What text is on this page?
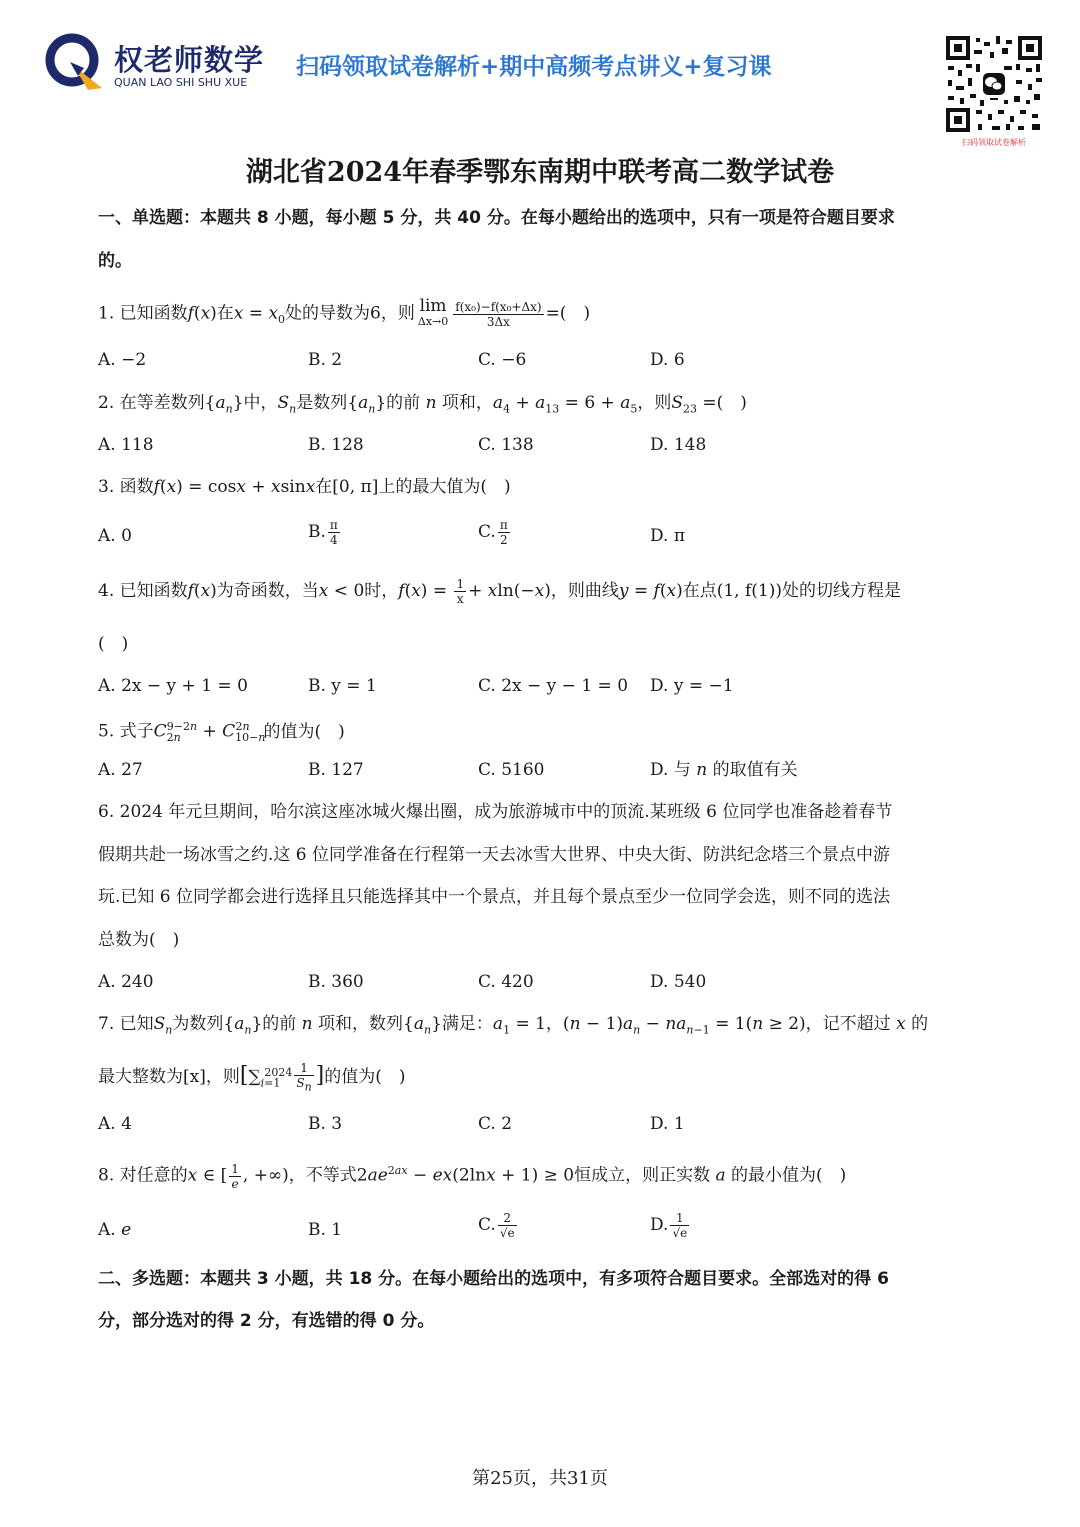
权老师数学
QUAN LAO SHI SHU XUE
扫码领取试卷解析+期中高频考点讲义+复习课
扫码领取试卷解析
湖北省2024年春季鄂东南期中联考高二数学试卷
一、单选题：本题共 8 小题，每小题 5 分，共 40 分。在每小题给出的选项中，只有一项是符合题目要求
的。
1. 已知函数f(x)在$x = x_0$处的导数为6，则 lim
$\Delta x\to 0 \frac{\text{f(x₀)−f(x₀+Δx)}}{3\Delta x}$ =(　)
A. −2	B. 2	C. −6	D. 6
2. 在等差数列$\{a_n\}$中，$S_n$是数列$\{a_n\}$的前 n 项和，$a_4 + a_{13} = 6 + a_5$，则$S_{23}$ =(　)
A. 118	B. 128	C. 138	D. 148
3. 函数f(x) = cosx + xsinx在[0, π]上的最大值为(　)
A. 0	B. $\frac{\pi}{4}$	C. $\frac{\pi}{2}$	D. π
4. 已知函数f(x)为奇函数，当x < 0时，$f(x) = \frac{1}{x} + xln(-x)$，则曲线y = f(x)在点(1, f(1))处的切线方程是
(　)
A. 2x − y + 1 = 0	B. y = 1	C. 2x − y − 1 = 0 D. y = −1
5. 式子$C_{2n}^{9-2n} + C_{10-n}^{2n}$ 的值为(　)
A. 27	B. 127	C. 5160	D. 与 n 的取值有关
6. 2024 年元旦期间，哈尔滨这座冰城火爆出圈，成为旅游城市中的顶流.某班级 6 位同学也准备趁着春节
假期共赴一场冰雪之约.这 6 位同学准备在行程第一天去冰雪大世界、中央大街、防洪纪念塔三个景点中游
玩.已知 6 位同学都会进行选择且只能选择其中一个景点，并且每个景点至少一位同学会选，则不同的选法
总数为(　)
A. 240	B. 360	C. 420	D. 540
7. 已知$S_n$为数列$\{a_n\}$的前 n 项和，数列$\{a_n\}$满足：$a_1 = 1$，$(n - 1)a_n - na_{n-1} = 1(n \ge 2)$，记不超过 x 的
最大整数为[x]，则[$\sum_{i=1}^{2024} \frac{1}{S_n}$ ]的值为(　)
A. 4	B. 3	C. 2	D. 1
8. 对任意的x ∈ [ $\frac{1}{e}$ , +∞)，不等式$2ae^{2ax} - ex(2\ln x + 1) \ge 0$恒成立，则正实数 a 的最小值为(　)
A. e	B. 1	C. $\frac{2}{√e}$	D. $\frac{1}{√e}$
二、多选题：本题共 3 小题，共 18 分。在每小题给出的选项中，有多项符合题目要求。全部选对的得 6
分，部分选对的得 2 分，有选错的得 0 分。
第25页，共31页
